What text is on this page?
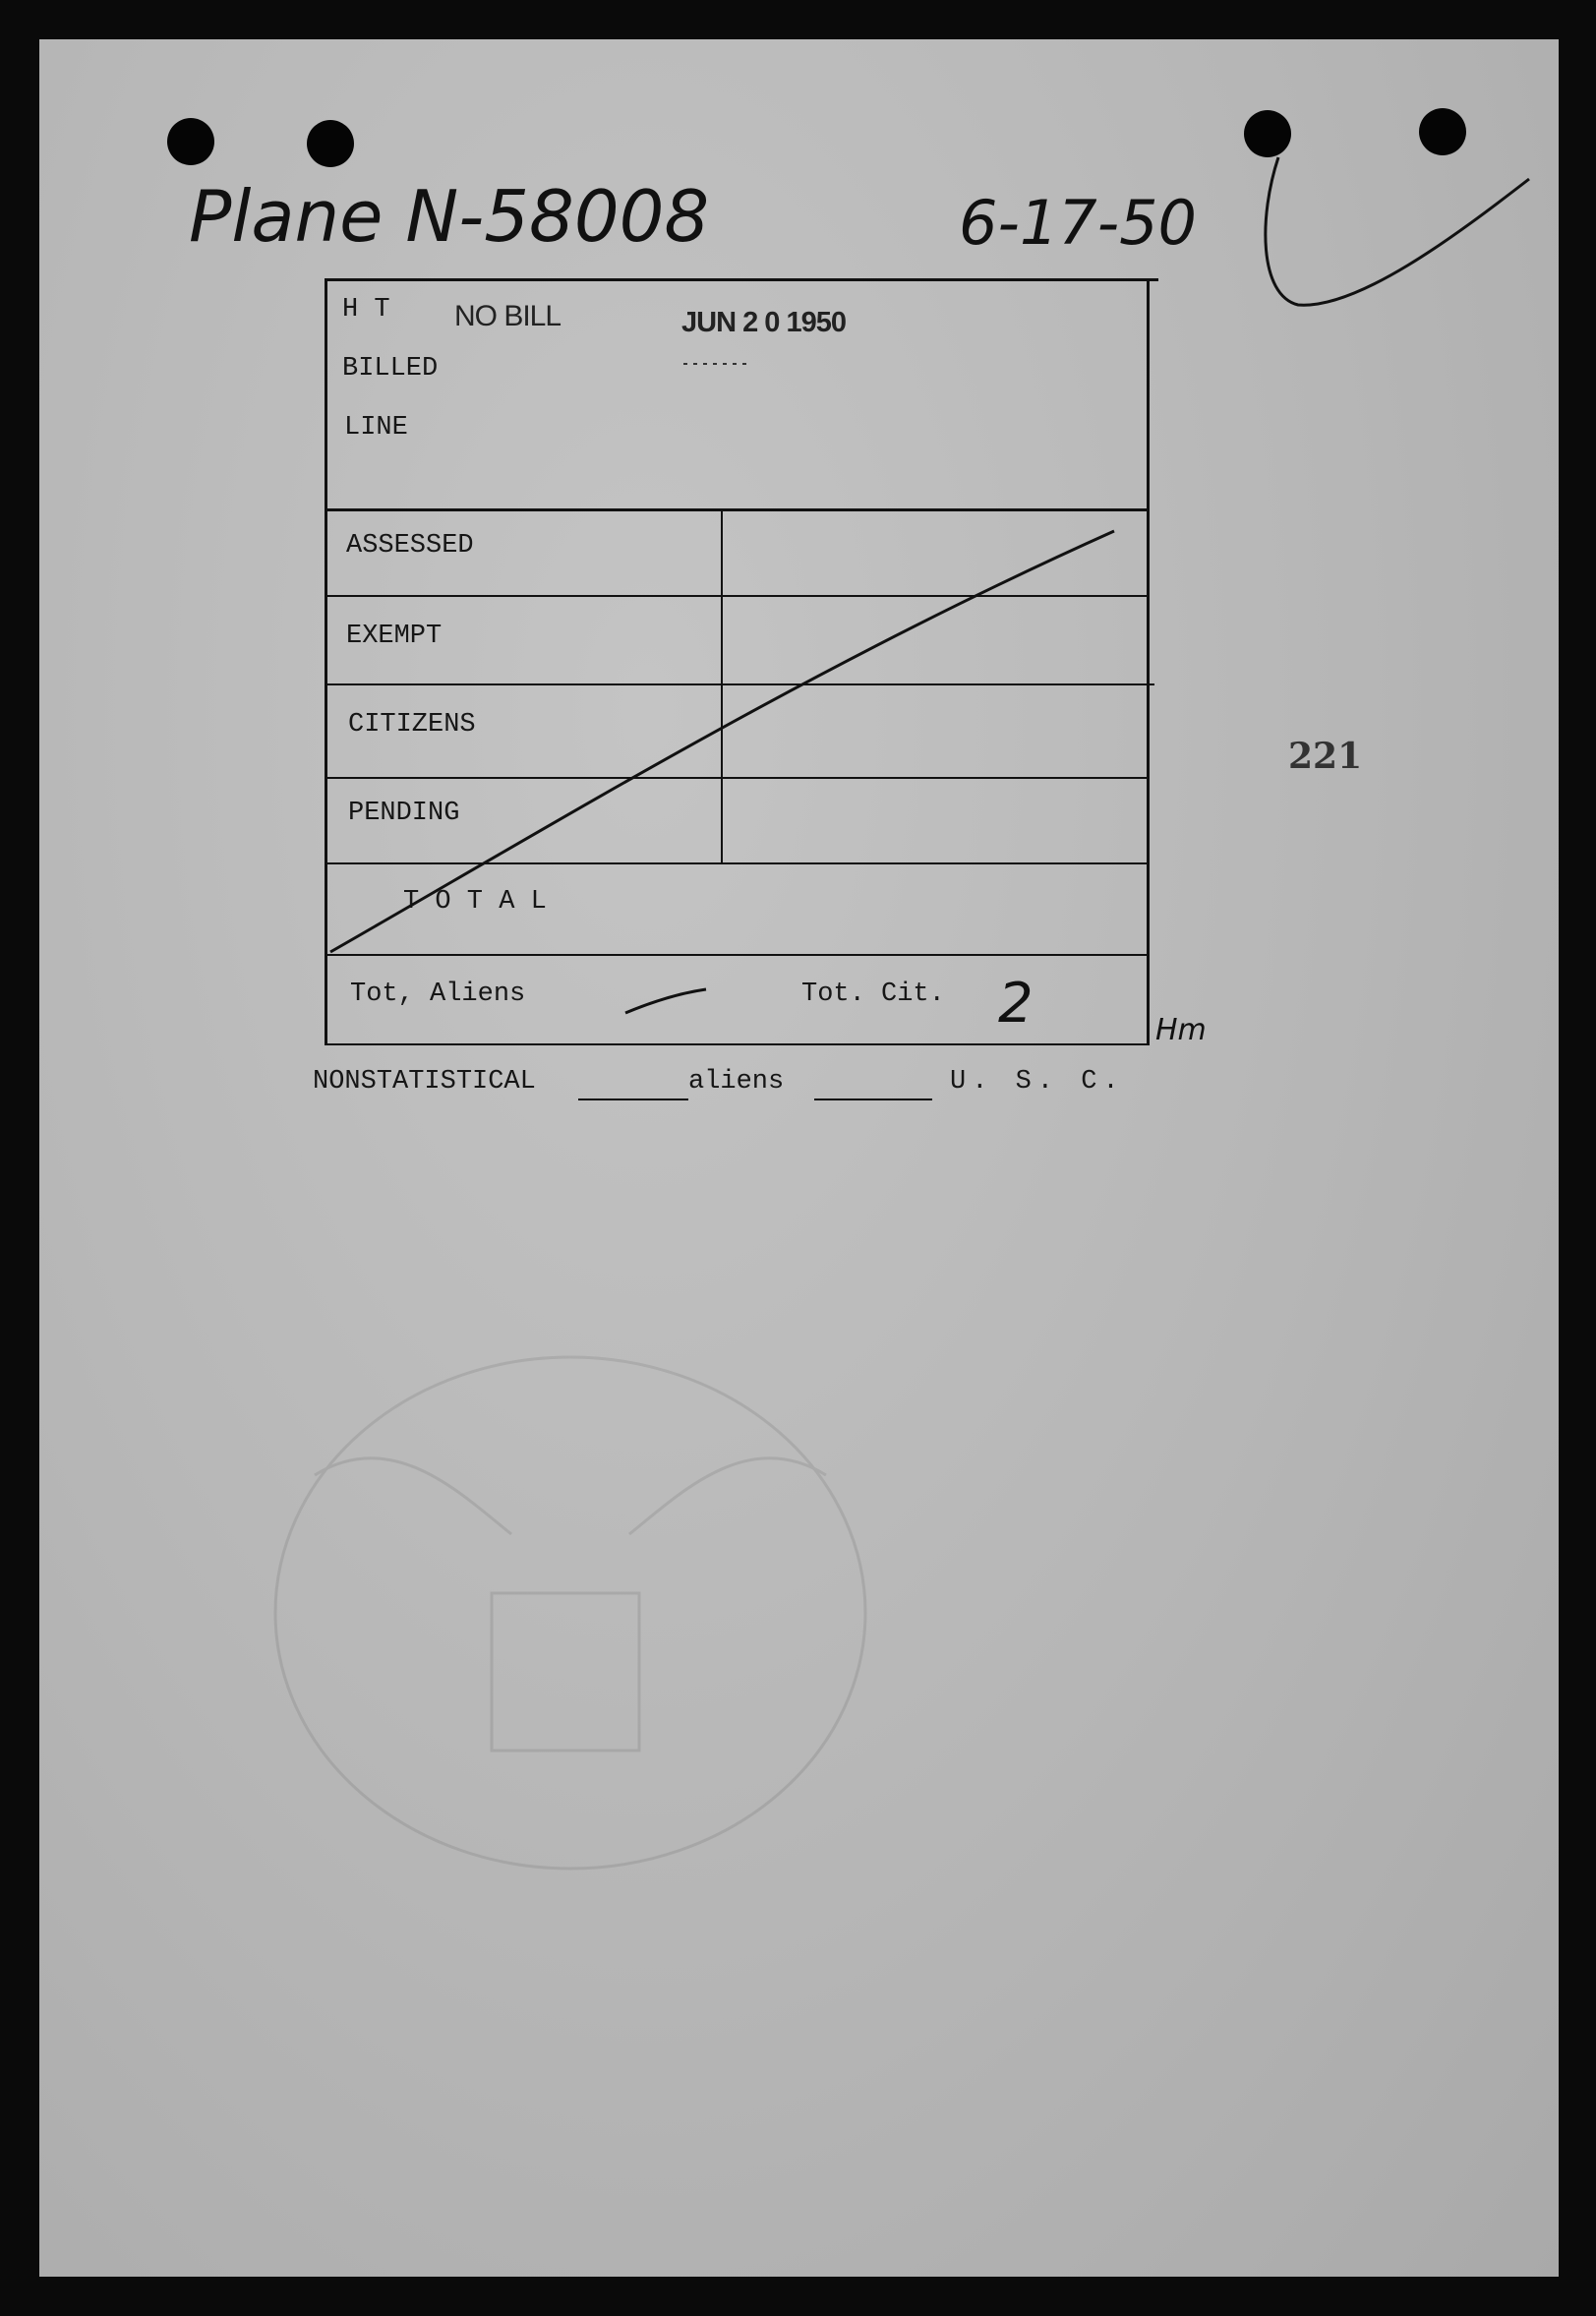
Plane N-58008	6-17-50
H T
BILLED
LINE
NO BILL	JUN 2 0 1950
ASSESSED
EXEMPT
CITIZENS
PENDING
T O T A L
Tot, Aliens	Tot. Cit. 2	Hm
NONSTATISTICAL	aliens	U. S. C.
221
